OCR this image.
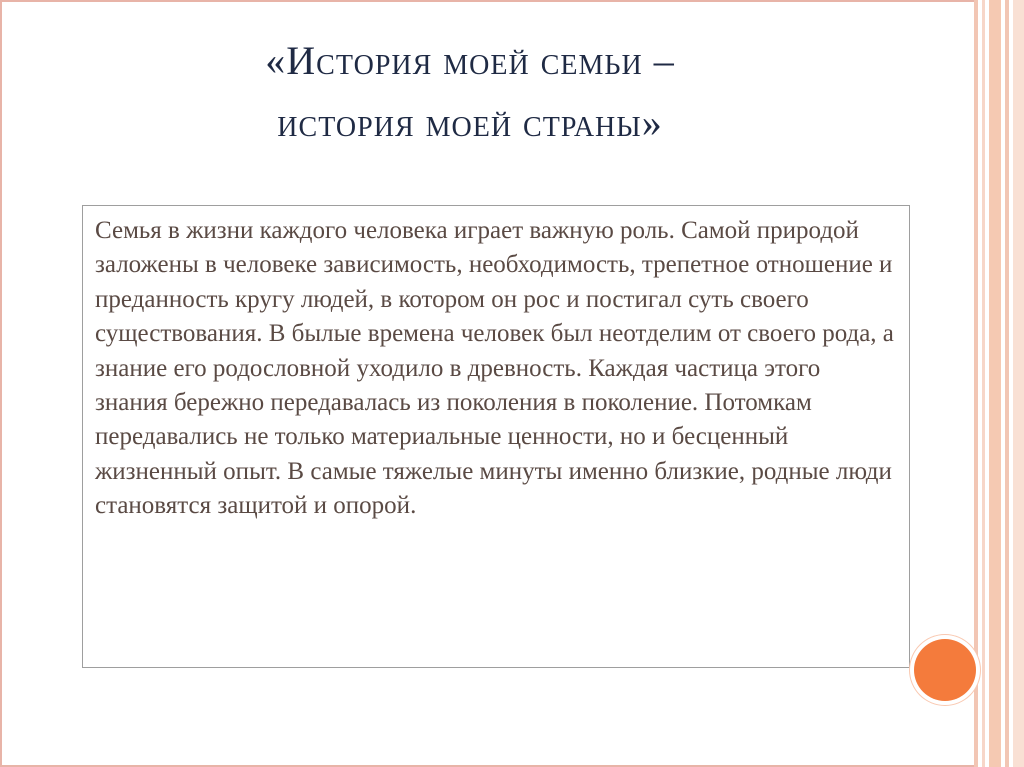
«История моей семьи –
история моей страны»

Семья в жизни каждого человека играет важную роль. Самой природой заложены в человеке зависимость, необходимость, трепетное отношение и преданность кругу людей, в котором он рос и постигал суть своего существования. В былые времена человек был неотделим от своего рода, а знание его родословной уходило в древность. Каждая частица этого знания бережно передавалась из поколения в поколение. Потомкам передавались не только материальные ценности, но и бесценный жизненный опыт. В самые тяжелые минуты именно близкие, родные люди становятся защитой и опорой.
